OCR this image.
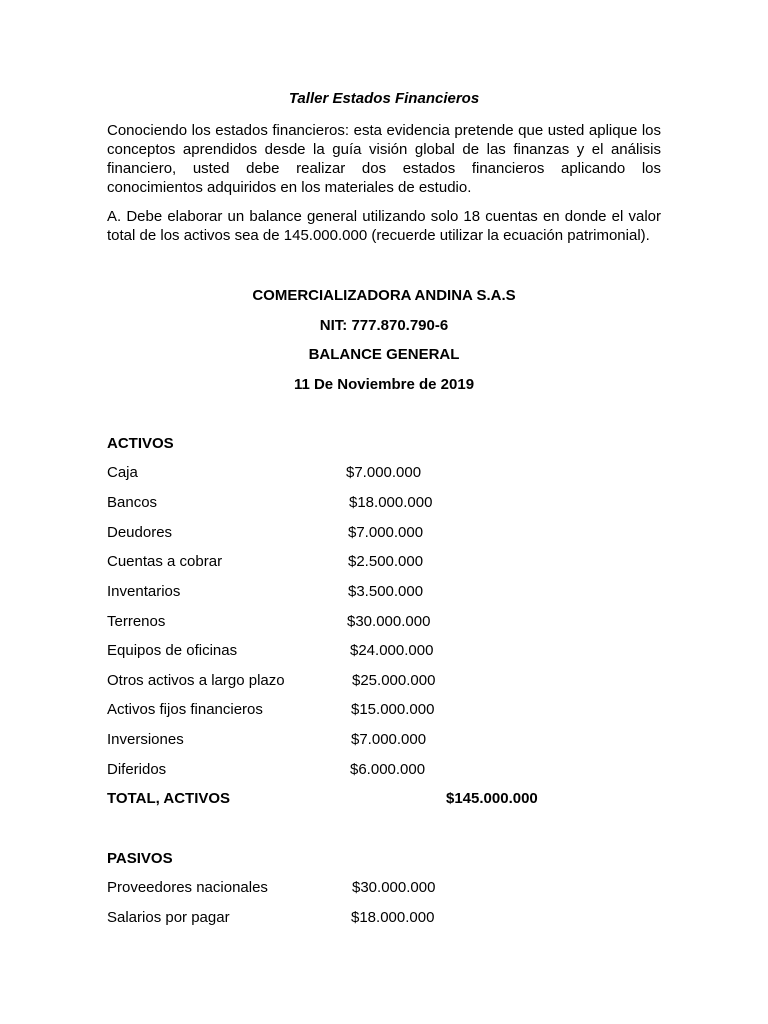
Taller Estados Financieros

Conociendo los estados financieros: esta evidencia pretende que usted aplique los conceptos aprendidos desde la guía visión global de las finanzas y el análisis financiero, usted debe realizar dos estados financieros aplicando los conocimientos adquiridos en los materiales de estudio.

A. Debe elaborar un balance general utilizando solo 18 cuentas en donde el valor total de los activos sea de 145.000.000 (recuerde utilizar la ecuación patrimonial).

COMERCIALIZADORA ANDINA S.A.S

NIT: 777.870.790-6

BALANCE GENERAL

11 De Noviembre de 2019

ACTIVOS

Caja	$7.000.000
Bancos	$18.000.000
Deudores	$7.000.000
Cuentas a cobrar	$2.500.000
Inventarios	$3.500.000
Terrenos	$30.000.000
Equipos de oficinas	$24.000.000
Otros activos a largo plazo	$25.000.000
Activos fijos financieros	$15.000.000
Inversiones	$7.000.000
Diferidos	$6.000.000
TOTAL, ACTIVOS	$145.000.000

PASIVOS

Proveedores nacionales	$30.000.000
Salarios por pagar	$18.000.000
